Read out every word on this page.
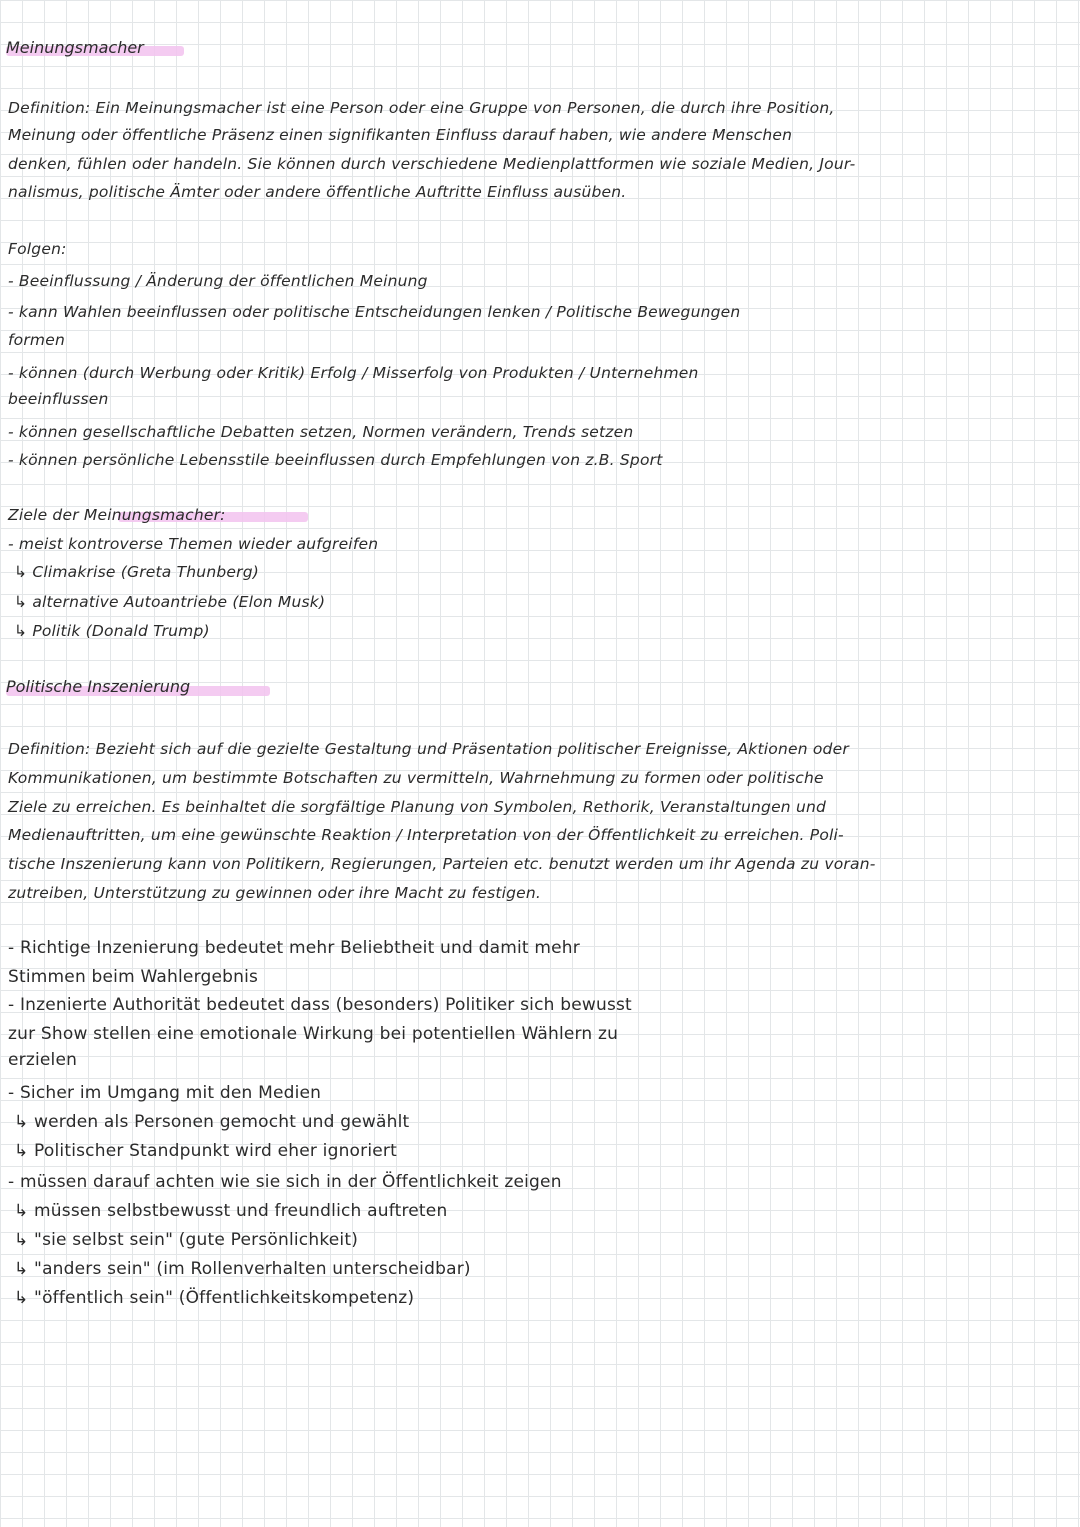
Meinungsmacher

Definition: Ein Meinungsmacher ist eine Person oder eine Gruppe von Personen, die durch ihre Position,

Meinung oder öffentliche Präsenz einen signifikanten Einfluss darauf haben, wie andere Menschen

denken, fühlen oder handeln. Sie können durch verschiedene Medienplattformen wie soziale Medien, Jour-

nalismus, politische Ämter oder andere öffentliche Auftritte Einfluss ausüben.

Folgen:

- Beeinflussung / Änderung der öffentlichen Meinung

- kann Wahlen beeinflussen oder politische Entscheidungen lenken / Politische Bewegungen

formen

- können (durch Werbung oder Kritik) Erfolg / Misserfolg von Produkten / Unternehmen

beeinflussen

- können gesellschaftliche Debatten setzen, Normen verändern, Trends setzen

- können persönliche Lebensstile beeinflussen durch Empfehlungen von z.B. Sport

Ziele der Meinungsmacher:

- meist kontroverse Themen wieder aufgreifen

↳ Climakrise (Greta Thunberg)

↳ alternative Autoantriebe (Elon Musk)

↳ Politik (Donald Trump)

Politische Inszenierung

Definition: Bezieht sich auf die gezielte Gestaltung und Präsentation politischer Ereignisse, Aktionen oder

Kommunikationen, um bestimmte Botschaften zu vermitteln, Wahrnehmung zu formen oder politische

Ziele zu erreichen. Es beinhaltet die sorgfältige Planung von Symbolen, Rethorik, Veranstaltungen und

Medienauftritten, um eine gewünschte Reaktion / Interpretation von der Öffentlichkeit zu erreichen. Poli-

tische Inszenierung kann von Politikern, Regierungen, Parteien etc. benutzt werden um ihr Agenda zu voran-

zutreiben, Unterstützung zu gewinnen oder ihre Macht zu festigen.

- Richtige Inzenierung bedeutet mehr Beliebtheit und damit mehr

Stimmen beim Wahlergebnis

- Inzenierte Authorität bedeutet dass (besonders) Politiker sich bewusst

zur Show stellen eine emotionale Wirkung bei potentiellen Wählern zu

erzielen

- Sicher im Umgang mit den Medien

↳ werden als Personen gemocht und gewählt

↳ Politischer Standpunkt wird eher ignoriert

- müssen darauf achten wie sie sich in der Öffentlichkeit zeigen

↳ müssen selbstbewusst und freundlich auftreten

↳ "sie selbst sein" (gute Persönlichkeit)

↳ "anders sein" (im Rollenverhalten unterscheidbar)

↳ "öffentlich sein" (Öffentlichkeitskompetenz)
